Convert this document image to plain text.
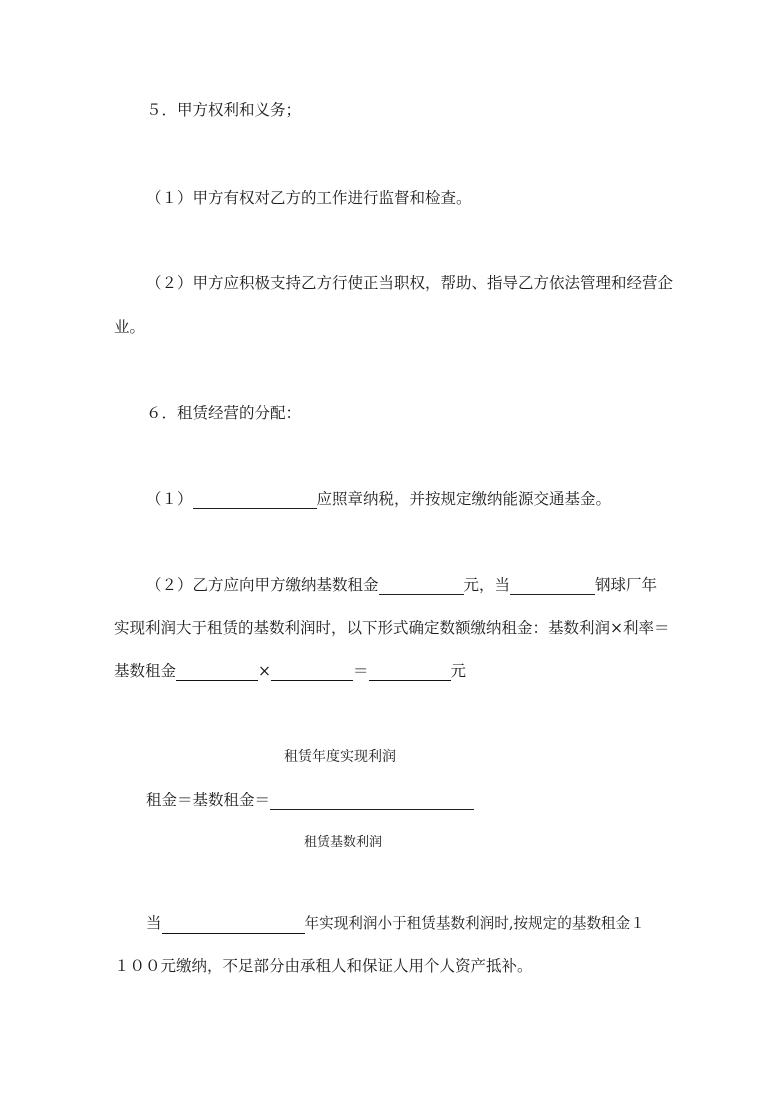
５．甲方权利和义务；
（１）甲方有权对乙方的工作进行监督和检查。
（２）甲方应积极支持乙方行使正当职权，帮助、指导乙方依法管理和经营企
业。
６．租赁经营的分配：
（１）	应照章纳税，并按规定缴纳能源交通基金。
（２）乙方应向甲方缴纳基数租金	元，当	钢球厂年
实现利润大于租赁的基数利润时，以下形式确定数额缴纳租金：基数利润×利率＝
基数租金	×	＝	元
租赁年度实现利润
租金＝基数租金＝
租赁基数利润
当	年实现利润小于租赁基数利润时,按规定的基数租金１
１００元缴纳，不足部分由承租人和保证人用个人资产抵补。
